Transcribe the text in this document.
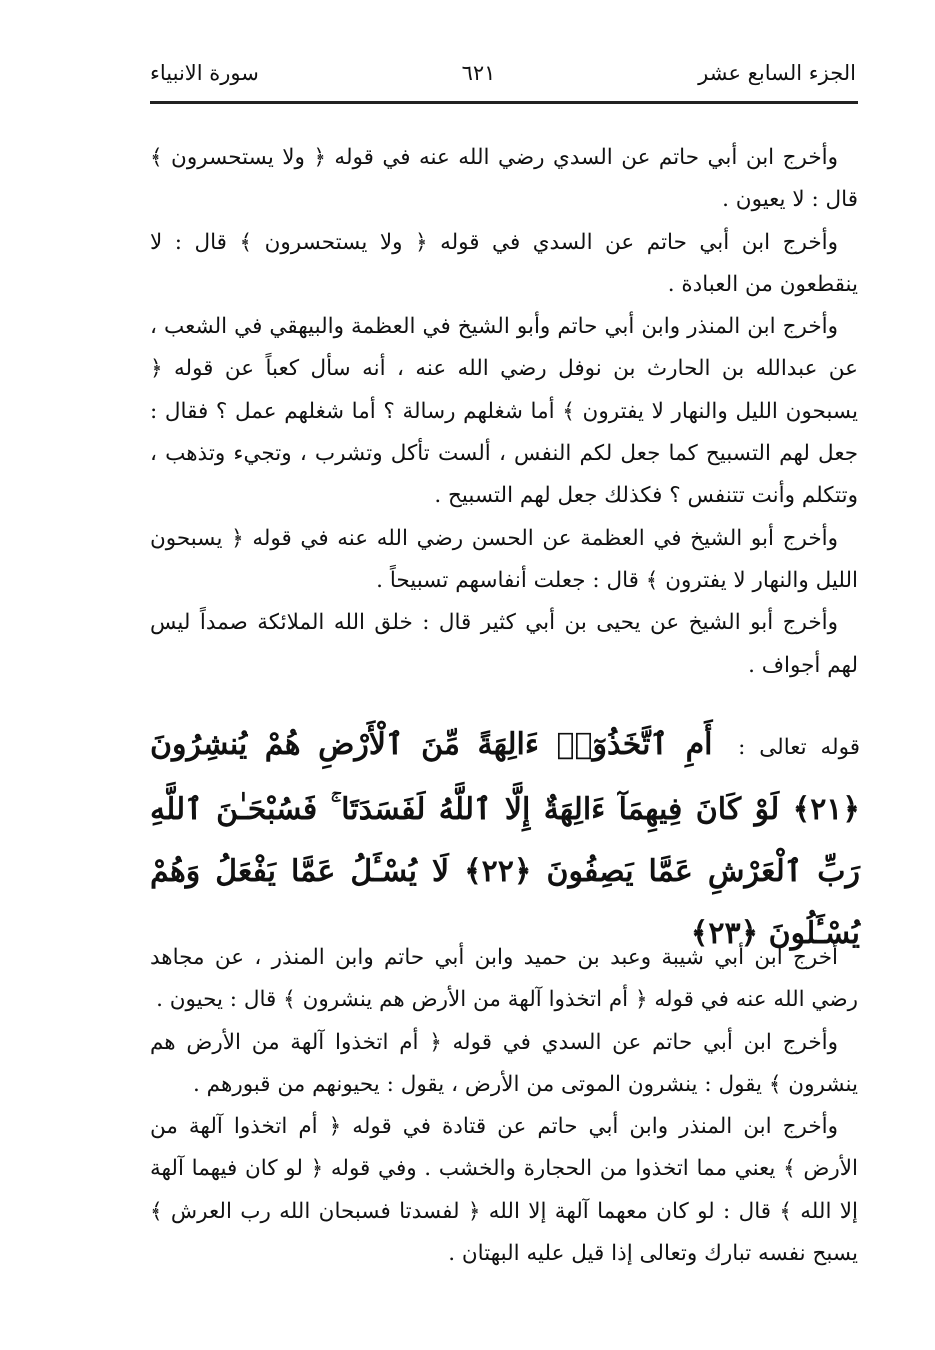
الجزء السابع عشر
٦٢١
سورة الانبياء

وأخرج ابن أبي حاتم عن السدي رضي الله عنه في قوله ﴿ ولا يستحسرون ﴾ قال : لا يعيون .

وأخرج ابن أبي حاتم عن السدي في قوله ﴿ ولا يستحسرون ﴾ قال : لا ينقطعون من العبادة .

وأخرج ابن المنذر وابن أبي حاتم وأبو الشيخ في العظمة والبيهقي في الشعب ، عن عبدالله بن الحارث بن نوفل رضي الله عنه ، أنه سأل كعباً عن قوله ﴿ يسبحون الليل والنهار لا يفترون ﴾ أما شغلهم رسالة ؟ أما شغلهم عمل ؟ فقال : جعل لهم التسبيح كما جعل لكم النفس ، ألست تأكل وتشرب ، وتجيء وتذهب ، وتتكلم وأنت تتنفس ؟ فكذلك جعل لهم التسبيح .

وأخرج أبو الشيخ في العظمة عن الحسن رضي الله عنه في قوله ﴿ يسبحون الليل والنهار لا يفترون ﴾ قال : جعلت أنفاسهم تسبيحاً .

وأخرج أبو الشيخ عن يحيى بن أبي كثير قال : خلق الله الملائكة صمداً ليس لهم أجواف .

قوله تعالى : أَمِ ٱتَّخَذُوٓا۟ ءَالِهَةً مِّنَ ٱلْأَرْضِ هُمْ يُنشِرُونَ ﴿٢١﴾ لَوْ كَانَ فِيهِمَآ ءَالِهَةٌ إِلَّا ٱللَّهُ لَفَسَدَتَا ۚ فَسُبْحَـٰنَ ٱللَّهِ رَبِّ ٱلْعَرْشِ عَمَّا يَصِفُونَ ﴿٢٢﴾ لَا يُسْـَٔلُ عَمَّا يَفْعَلُ وَهُمْ يُسْـَٔلُونَ ﴿٢٣﴾

أخرج ابن أبي شيبة وعبد بن حميد وابن أبي حاتم وابن المنذر ، عن مجاهد رضي الله عنه في قوله ﴿ أم اتخذوا آلهة من الأرض هم ينشرون ﴾ قال : يحيون .

وأخرج ابن أبي حاتم عن السدي في قوله ﴿ أم اتخذوا آلهة من الأرض هم ينشرون ﴾ يقول : ينشرون الموتى من الأرض ، يقول : يحيونهم من قبورهم .

وأخرج ابن المنذر وابن أبي حاتم عن قتادة في قوله ﴿ أم اتخذوا آلهة من الأرض ﴾ يعني مما اتخذوا من الحجارة والخشب . وفي قوله ﴿ لو كان فيهما آلهة إلا الله ﴾ قال : لو كان معهما آلهة إلا الله ﴿ لفسدتا فسبحان الله رب العرش ﴾ يسبح نفسه تبارك وتعالى إذا قيل عليه البهتان .
